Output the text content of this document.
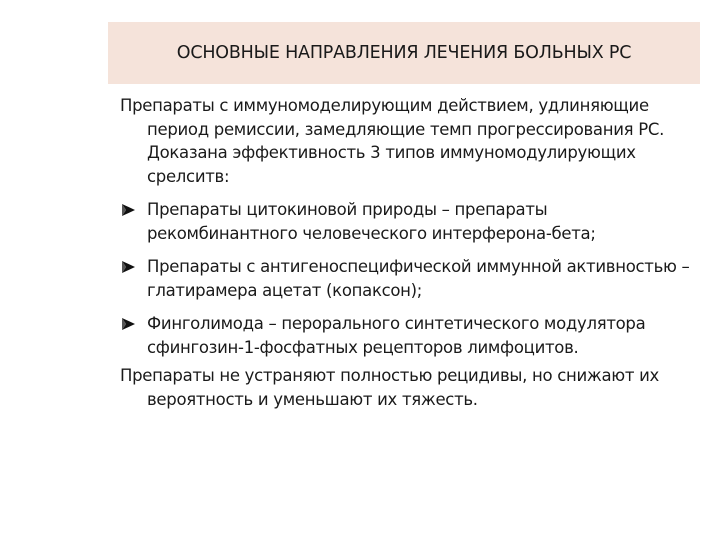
ОСНОВНЫЕ НАПРАВЛЕНИЯ ЛЕЧЕНИЯ БОЛЬНЫХ РС

Препараты с иммуномоделирующим действием, удлиняющие период ремиссии, замедляющие темп прогрессирования РС. Доказана эффективность 3 типов иммуномодулирующих срелситв:

Препараты цитокиновой природы – препараты рекомбинантного человеческого интерферона-бета;
Препараты с антигеноспецифической иммунной активностью – глатирамера ацетат (копаксон);
Финголимода – перорального синтетического модулятора сфингозин-1-фосфатных рецепторов лимфоцитов.

Препараты не устраняют полностью рецидивы, но снижают их вероятность и уменьшают их тяжесть.
